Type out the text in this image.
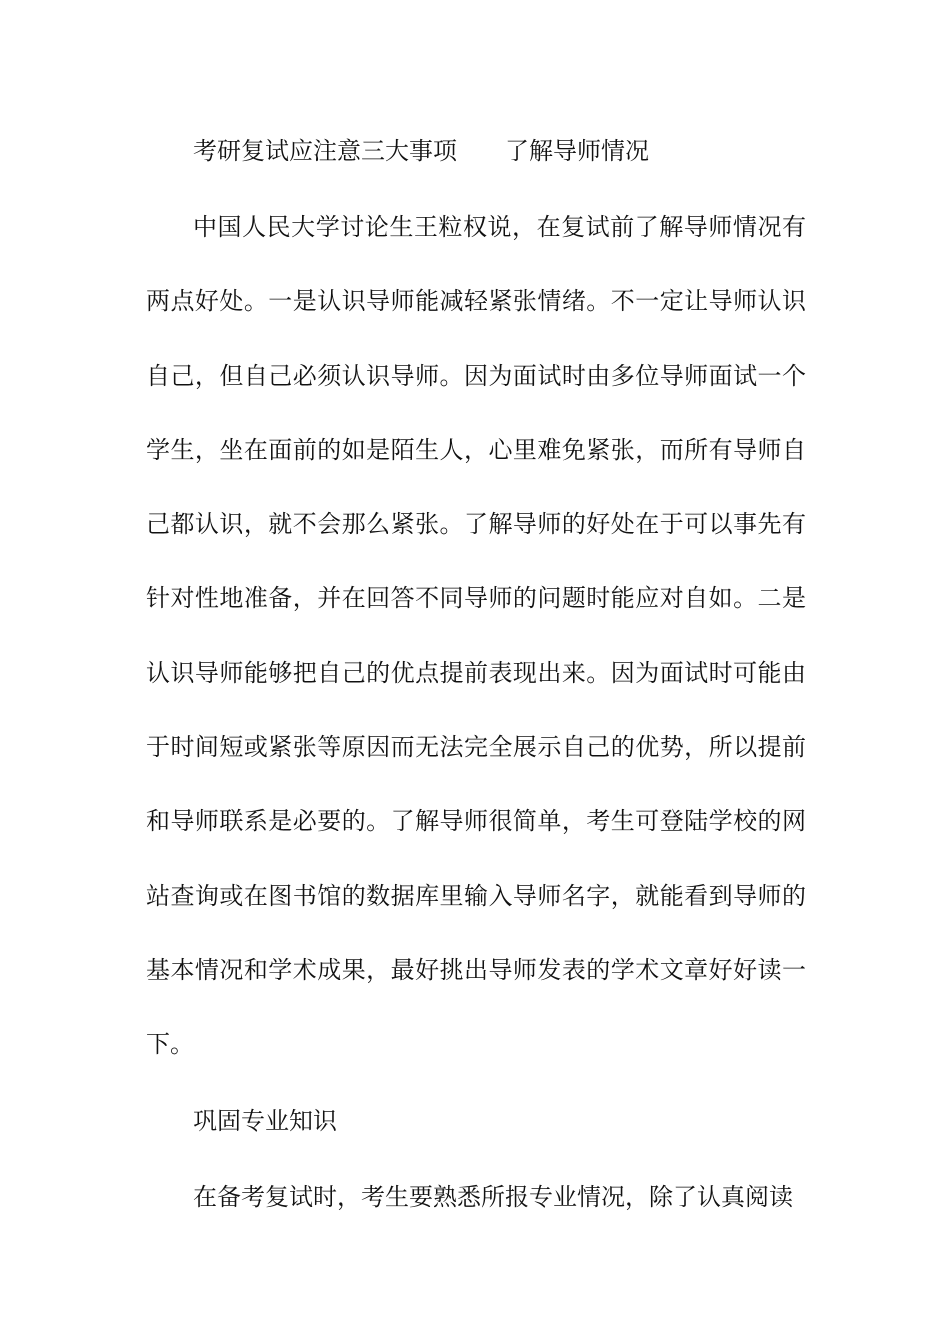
考研复试应注意三大事项 了解导师情况

中国人民大学讨论生王粒权说，在复试前了解导师情况有两点好处。一是认识导师能减轻紧张情绪。不一定让导师认识自己，但自己必须认识导师。因为面试时由多位导师面试一个学生，坐在面前的如是陌生人，心里难免紧张，而所有导师自己都认识，就不会那么紧张。了解导师的好处在于可以事先有针对性地准备，并在回答不同导师的问题时能应对自如。二是认识导师能够把自己的优点提前表现出来。因为面试时可能由于时间短或紧张等原因而无法完全展示自己的优势，所以提前和导师联系是必要的。了解导师很简单，考生可登陆学校的网站查询或在图书馆的数据库里输入导师名字，就能看到导师的基本情况和学术成果，最好挑出导师发表的学术文章好好读一下。

巩固专业知识

在备考复试时，考生要熟悉所报专业情况，除了认真阅读
